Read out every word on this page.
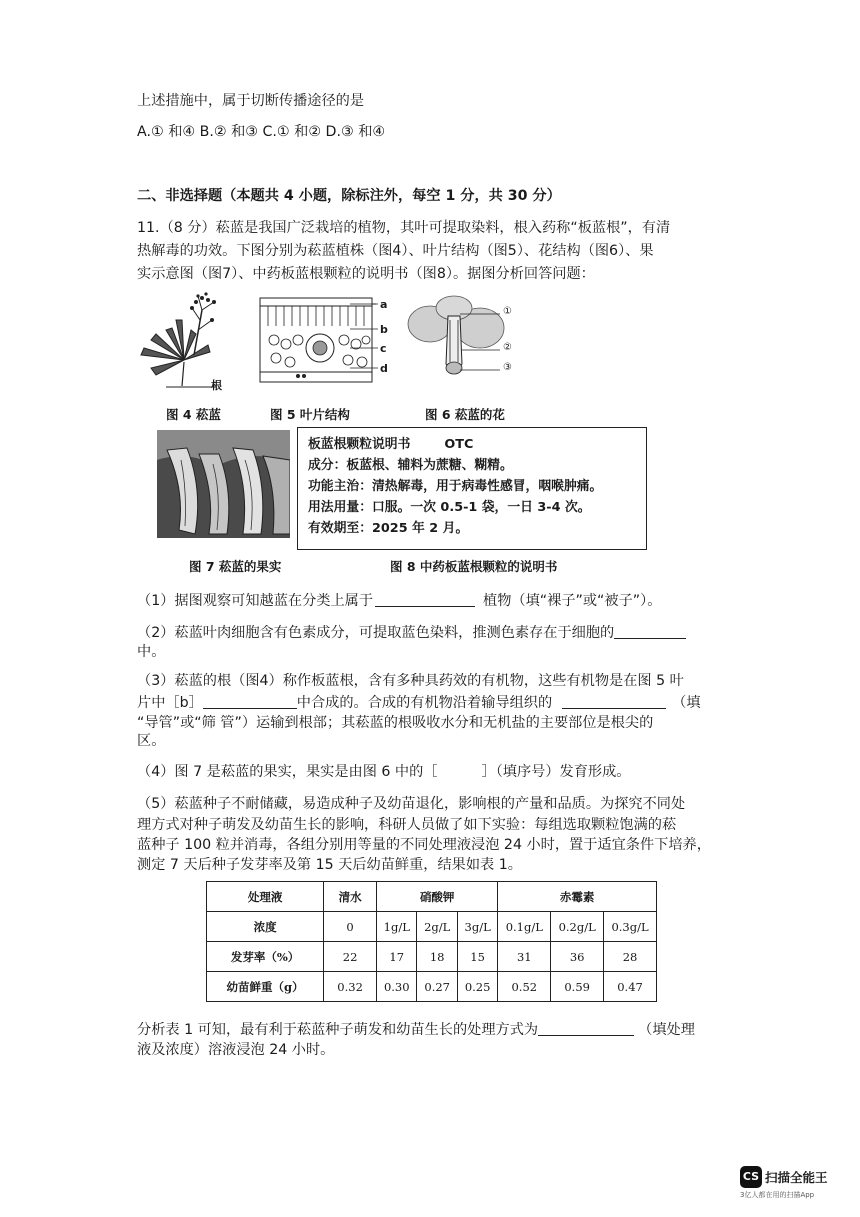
上述措施中，属于切断传播途径的是
A.① 和④ B.② 和③ C.① 和② D.③ 和④
二、非选择题（本题共 4 小题，除标注外，每空 1 分，共 30 分）
11.（8 分）菘蓝是我国广泛栽培的植物，其叶可提取染料，根入药称“板蓝根”，有清
热解毒的功效。下图分别为菘蓝植株（图4）、叶片结构（图5）、花结构（图6）、果
实示意图（图7）、中药板蓝根颗粒的说明书（图8）。据图分析回答问题：
根
a
b
c
d
①
②
③
图 4 菘蓝	图 5 叶片结构	图 6 菘蓝的花
板蓝根颗粒说明书	OTC
成分：板蓝根、辅料为蔗糖、糊精。
功能主治：清热解毒，用于病毒性感冒，咽喉肿痛。
用法用量：口服。一次 0.5-1 袋，一日 3-4 次。
有效期至：2025 年 2 月。
图 7 菘蓝的果实	图 8 中药板蓝根颗粒的说明书
（1）据图观察可知越蓝在分类上属于	植物（填“裸子”或“被子”）。
（2）菘蓝叶肉细胞含有色素成分，可提取蓝色染料，推测色素存在于细胞的
中。
（3）菘蓝的根（图4）称作板蓝根，含有多种具药效的有机物，这些有机物是在图 5 叶
片中［b］	中合成的。合成的有机物沿着输导组织的	（填
“导管”或“筛 管”）运输到根部；其菘蓝的根吸收水分和无机盐的主要部位是根尖的
区。
（4）图 7 是菘蓝的果实，果实是由图 6 中的［	］（填序号）发育形成。
（5）菘蓝种子不耐储藏，易造成种子及幼苗退化，影响根的产量和品质。为探究不同处
理方式对种子萌发及幼苗生长的影响，科研人员做了如下实验：每组选取颗粒饱满的菘
蓝种子 100 粒并消毒，各组分别用等量的不同处理液浸泡 24 小时，置于适宜条件下培养，
测定 7 天后种子发芽率及第 15 天后幼苗鲜重，结果如表 1。
处理液	清水	硝酸钾			赤霉素		
浓度	0	1g/L	2g/L	3g/L	0.1g/L	0.2g/L	0.3g/L
发芽率（%）	22	17	18	15	31	36	28
幼苗鲜重（g）	0.32	0.30	0.27	0.25	0.52	0.59	0.47
分析表 1 可知，最有利于菘蓝种子萌发和幼苗生长的处理方式为	（填处理
液及浓度）溶液浸泡 24 小时。
CS 扫描全能王
3亿人都在用的扫描App
